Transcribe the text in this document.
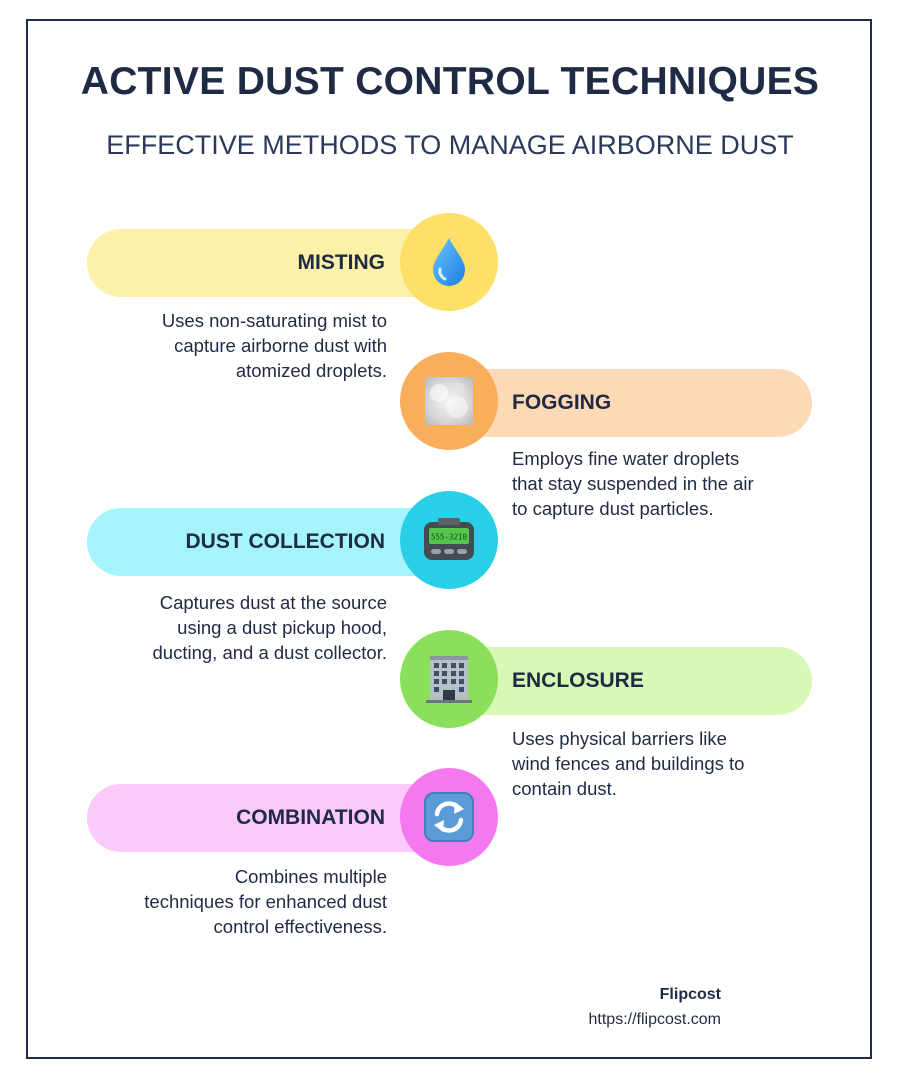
ACTIVE DUST CONTROL TECHNIQUES
EFFECTIVE METHODS TO MANAGE AIRBORNE DUST
MISTING
Uses non-saturating mist to
capture airborne dust with
atomized droplets.
FOGGING
Employs fine water droplets
that stay suspended in the air
to capture dust particles.
DUST COLLECTION	555-3210
Captures dust at the source
using a dust pickup hood,
ducting, and a dust collector.
ENCLOSURE
Uses physical barriers like
wind fences and buildings to
contain dust.
COMBINATION
Combines multiple
techniques for enhanced dust
control effectiveness.
Flipcost
https://flipcost.com
